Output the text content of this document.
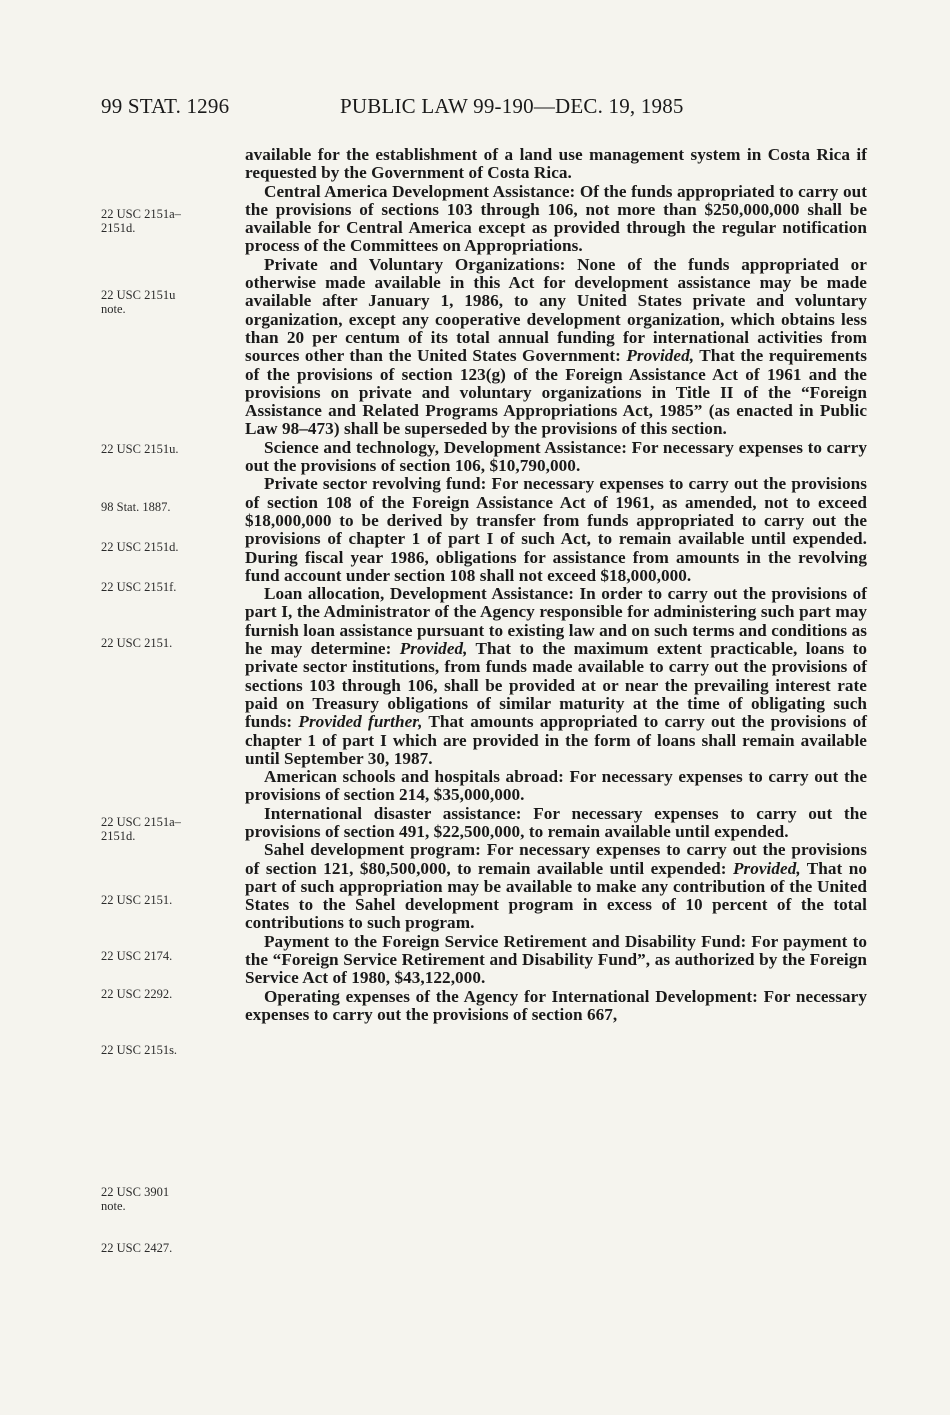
99 STAT. 1296	PUBLIC LAW 99-190—DEC. 19, 1985
22 USC 2151a–
2151d.
22 USC 2151u
note.
22 USC 2151u.
98 Stat. 1887.
22 USC 2151d.
22 USC 2151f.
22 USC 2151.
22 USC 2151a–
2151d.
22 USC 2151.
22 USC 2174.
22 USC 2292.
22 USC 2151s.
22 USC 3901
note.
22 USC 2427.

available for the establishment of a land use management system in Costa Rica if requested by the Government of Costa Rica.

Central America Development Assistance: Of the funds appropriated to carry out the provisions of sections 103 through 106, not more than $250,000,000 shall be available for Central America except as provided through the regular notification process of the Committees on Appropriations.

Private and Voluntary Organizations: None of the funds appropriated or otherwise made available in this Act for development assistance may be made available after January 1, 1986, to any United States private and voluntary organization, except any cooperative development organization, which obtains less than 20 per centum of its total annual funding for international activities from sources other than the United States Government: Provided, That the requirements of the provisions of section 123(g) of the Foreign Assistance Act of 1961 and the provisions on private and voluntary organizations in Title II of the “Foreign Assistance and Related Programs Appropriations Act, 1985” (as enacted in Public Law 98–473) shall be superseded by the provisions of this section.

Science and technology, Development Assistance: For necessary expenses to carry out the provisions of section 106, $10,790,000.

Private sector revolving fund: For necessary expenses to carry out the provisions of section 108 of the Foreign Assistance Act of 1961, as amended, not to exceed $18,000,000 to be derived by transfer from funds appropriated to carry out the provisions of chapter 1 of part I of such Act, to remain available until expended. During fiscal year 1986, obligations for assistance from amounts in the revolving fund account under section 108 shall not exceed $18,000,000.

Loan allocation, Development Assistance: In order to carry out the provisions of part I, the Administrator of the Agency responsible for administering such part may furnish loan assistance pursuant to existing law and on such terms and conditions as he may determine: Provided, That to the maximum extent practicable, loans to private sector institutions, from funds made available to carry out the provisions of sections 103 through 106, shall be provided at or near the prevailing interest rate paid on Treasury obligations of similar maturity at the time of obligating such funds: Provided further, That amounts appropriated to carry out the provisions of chapter 1 of part I which are provided in the form of loans shall remain available until September 30, 1987.

American schools and hospitals abroad: For necessary expenses to carry out the provisions of section 214, $35,000,000.

International disaster assistance: For necessary expenses to carry out the provisions of section 491, $22,500,000, to remain available until expended.

Sahel development program: For necessary expenses to carry out the provisions of section 121, $80,500,000, to remain available until expended: Provided, That no part of such appropriation may be available to make any contribution of the United States to the Sahel development program in excess of 10 percent of the total contributions to such program.

Payment to the Foreign Service Retirement and Disability Fund: For payment to the “Foreign Service Retirement and Disability Fund”, as authorized by the Foreign Service Act of 1980, $43,122,000.

Operating expenses of the Agency for International Development: For necessary expenses to carry out the provisions of section 667,
